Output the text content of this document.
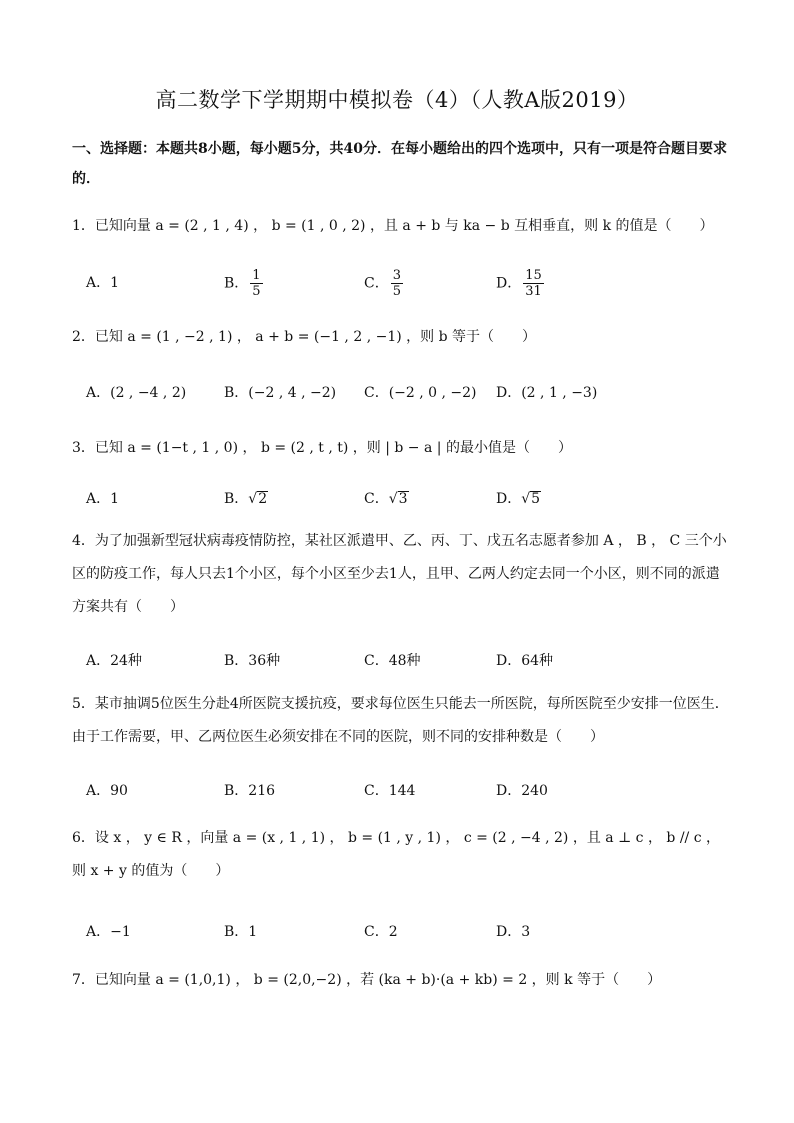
高二数学下学期期中模拟卷（4）（人教A版2019）
一、选择题：本题共8小题，每小题5分，共40分．在每小题给出的四个选项中，只有一项是符合题目要求的．
1．已知向量 a = (2 , 1 , 4) ， b = (1 , 0 , 2) ，且 a + b 与 ka − b 互相垂直，则 k 的值是（　　）
A．1	B． $\frac{1}{5}$	C． $\frac{3}{5}$	D． $\frac{15}{31}$
2．已知 a = (1 , −2 , 1) ， a + b = (−1 , 2 , −1) ，则 b 等于（　　）
A．(2 , −4 , 2)	B．(−2 , 4 , −2) C．(−2 , 0 , −2) D．(2 , 1 , −3)
3．已知 a = (1−t , 1 , 0) ， b = (2 , t , t) ，则 | b − a | 的最小值是（　　）
A．1	B．√2	C．√3	D．√5
4．为了加强新型冠状病毒疫情防控，某社区派遣甲、乙、丙、丁、戊五名志愿者参加 A ， B ， C 三个小区的防疫工作，每人只去1个小区，每个小区至少去1人，且甲、乙两人约定去同一个小区，则不同的派遣方案共有（　　）
A．24种	B．36种	C．48种	D．64种
5．某市抽调5位医生分赴4所医院支援抗疫，要求每位医生只能去一所医院，每所医院至少安排一位医生．由于工作需要，甲、乙两位医生必须安排在不同的医院，则不同的安排种数是（　　）
A．90	B．216	C．144	D．240
6．设 x ， y ∈ R ，向量 a = (x , 1 , 1) ， b = (1 , y , 1) ， c = (2 , −4 , 2) ，且 a ⊥ c ， b // c ，则 x + y 的值为（　　）
A．−1	B．1	C．2	D．3
7．已知向量 a = (1,0,1) ， b = (2,0,−2) ，若 (ka + b)·(a + kb) = 2 ，则 k 等于（　　）
